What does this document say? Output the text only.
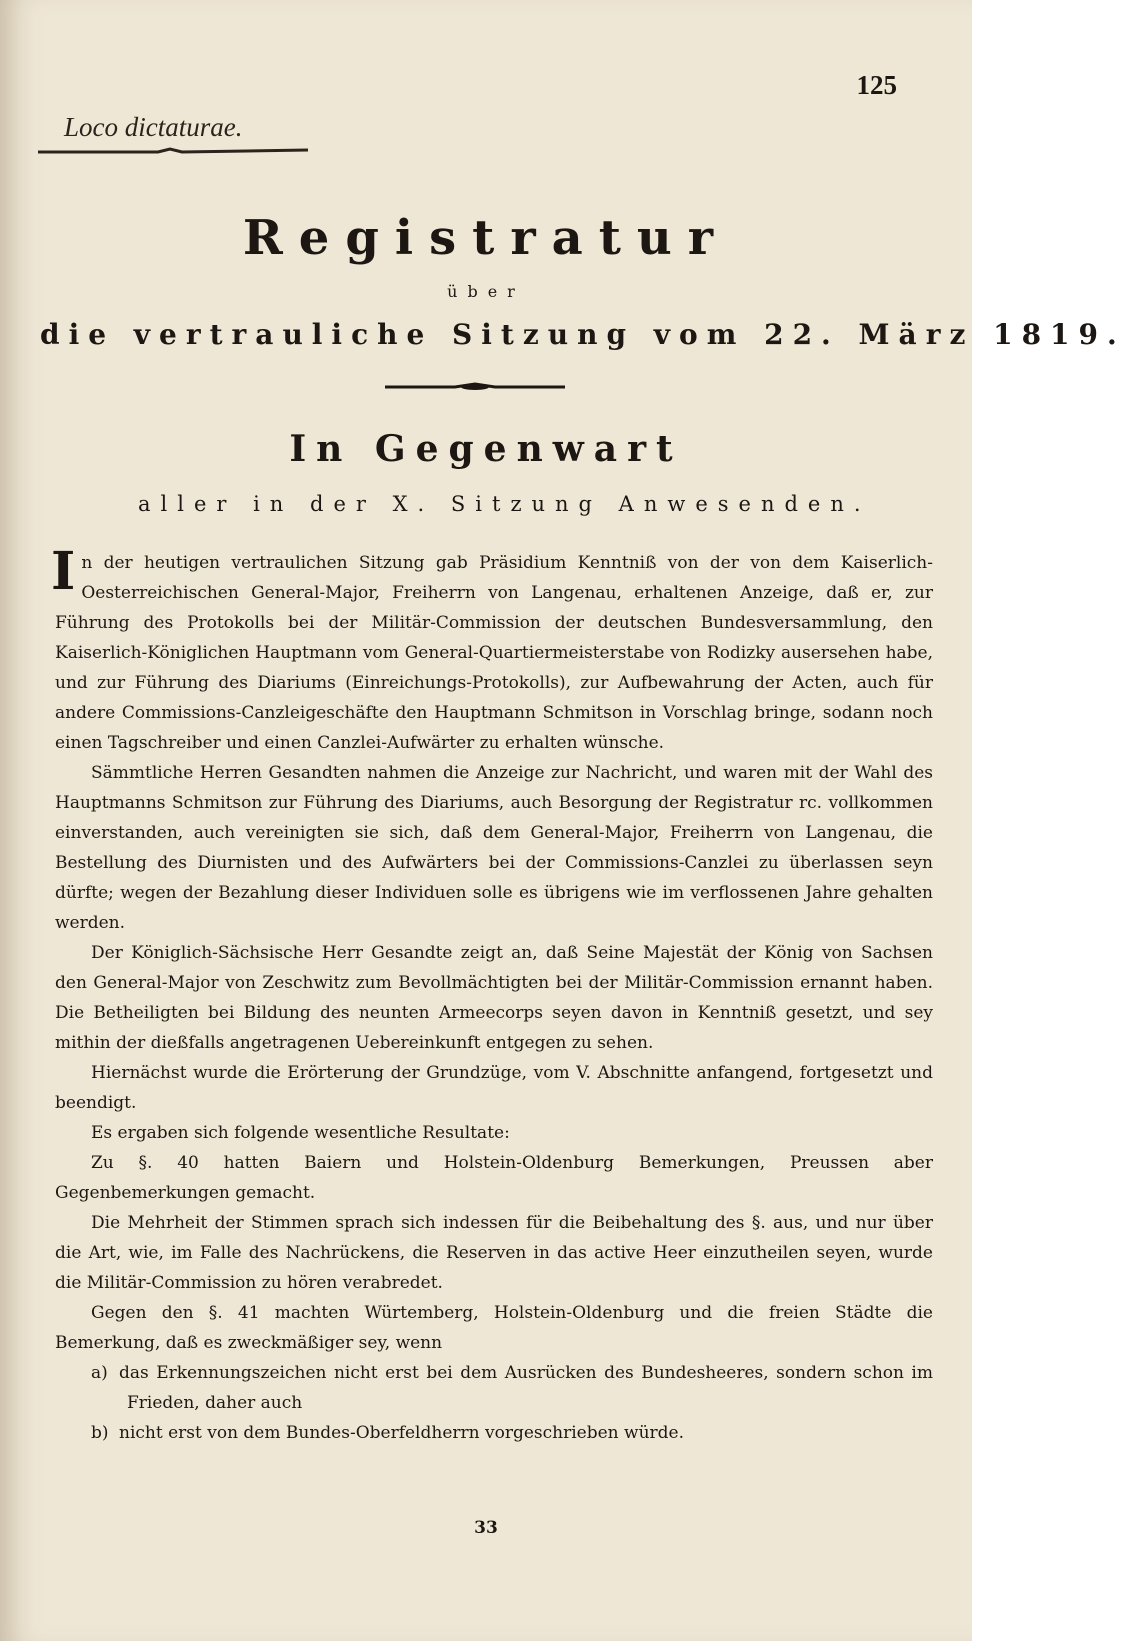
Loco dictaturae.
125
Registratur
über
die vertrauliche Sitzung vom 22. März 1819.
In Gegenwart
aller in der X. Sitzung Anwesenden.

In der heutigen vertraulichen Sitzung gab Präsidium Kenntniß von der von dem Kaiserlich-Oesterreichischen General-Major, Freiherrn von Langenau, erhaltenen Anzeige, daß er, zur Führung des Protokolls bei der Militär-Commission der deutschen Bundesversammlung, den Kaiserlich-Königlichen Hauptmann vom General-Quartiermeisterstabe von Rodizky ausersehen habe, und zur Führung des Diariums (Einreichungs-Protokolls), zur Aufbewahrung der Acten, auch für andere Commissions-Canzleigeschäfte den Hauptmann Schmitson in Vorschlag bringe, sodann noch einen Tagschreiber und einen Canzlei-Aufwärter zu erhalten wünsche.

Sämmtliche Herren Gesandten nahmen die Anzeige zur Nachricht, und waren mit der Wahl des Hauptmanns Schmitson zur Führung des Diariums, auch Besorgung der Registratur rc. vollkommen einverstanden, auch vereinigten sie sich, daß dem General-Major, Freiherrn von Langenau, die Bestellung des Diurnisten und des Aufwärters bei der Commissions-Canzlei zu überlassen seyn dürfte; wegen der Bezahlung dieser Individuen solle es übrigens wie im verflossenen Jahre gehalten werden.

Der Königlich-Sächsische Herr Gesandte zeigt an, daß Seine Majestät der König von Sachsen den General-Major von Zeschwitz zum Bevollmächtigten bei der Militär-Commission ernannt haben. Die Betheiligten bei Bildung des neunten Armeecorps seyen davon in Kenntniß gesetzt, und sey mithin der dießfalls angetragenen Uebereinkunft entgegen zu sehen.

Hiernächst wurde die Erörterung der Grundzüge, vom V. Abschnitte anfangend, fortgesetzt und beendigt.

Es ergaben sich folgende wesentliche Resultate:

Zu §. 40 hatten Baiern und Holstein-Oldenburg Bemerkungen, Preussen aber Gegenbemerkungen gemacht.

Die Mehrheit der Stimmen sprach sich indessen für die Beibehaltung des §. aus, und nur über die Art, wie, im Falle des Nachrückens, die Reserven in das active Heer einzutheilen seyen, wurde die Militär-Commission zu hören verabredet.

Gegen den §. 41 machten Würtemberg, Holstein-Oldenburg und die freien Städte die Bemerkung, daß es zweckmäßiger sey, wenn

a) das Erkennungszeichen nicht erst bei dem Ausrücken des Bundesheeres, sondern schon im Frieden, daher auch

b) nicht erst von dem Bundes-Oberfeldherrn vorgeschrieben würde.

33
